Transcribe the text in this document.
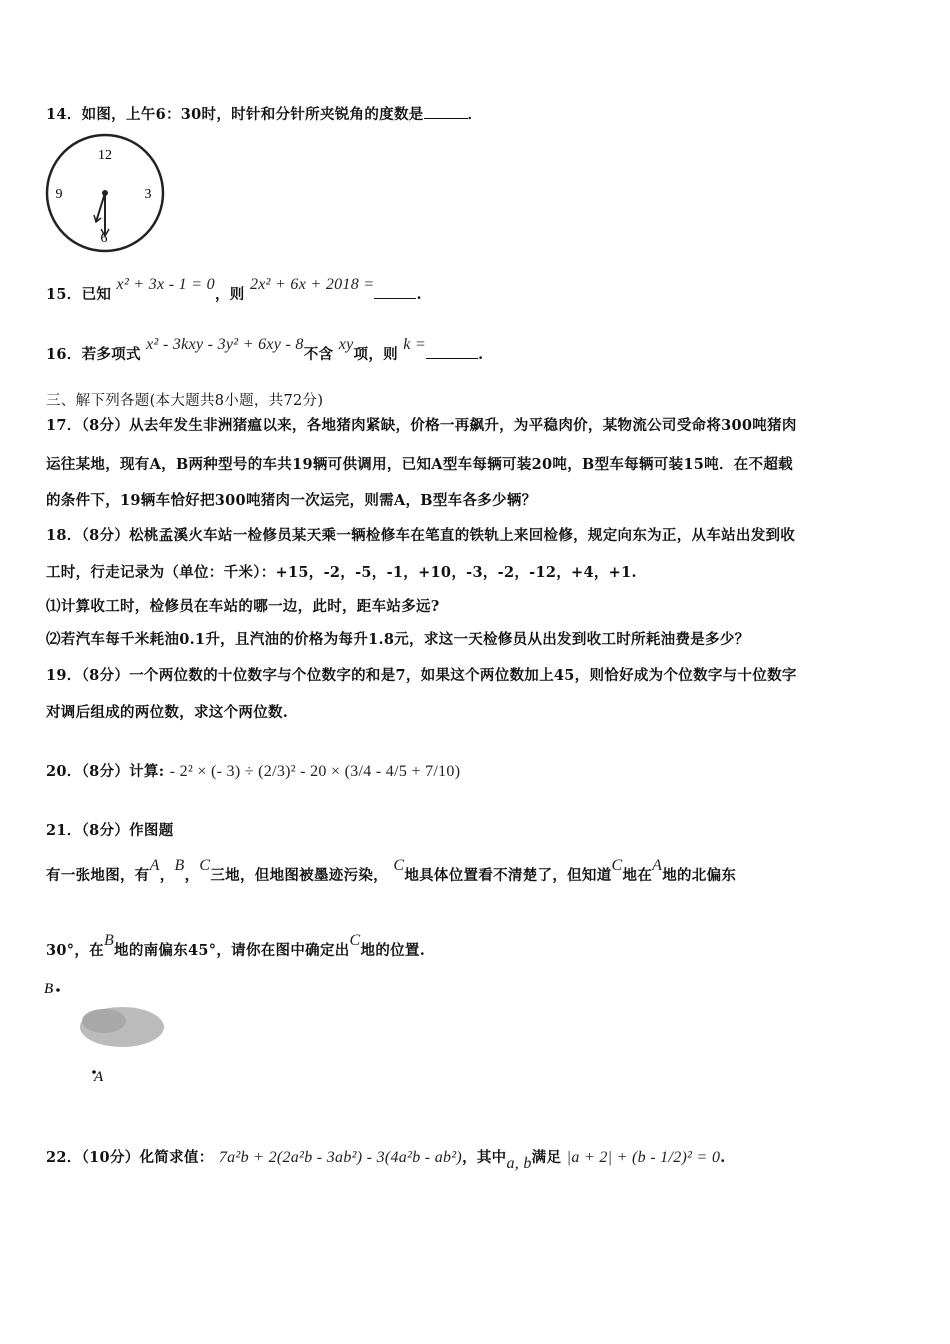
14．如图，上午6：30时，时针和分针所夹锐角的度数是	．
12
3
6
9
15．已知 x² + 3x - 1 = 0，则 2x² + 6x + 2018 =.
16．若多项式 x² - 3kxy - 3y² + 6xy - 8不含 xy项，则 k =.
三、解下列各题(本大题共8小题，共72分)
17．（8分）从去年发生非洲猪瘟以来，各地猪肉紧缺，价格一再飙升，为平稳肉价，某物流公司受命将300吨猪肉
运往某地，现有A，B两种型号的车共19辆可供调用，已知A型车每辆可装20吨，B型车每辆可装15吨．在不超载
的条件下，19辆车恰好把300吨猪肉一次运完，则需A，B型车各多少辆？
18．（8分）松桃孟溪火车站一检修员某天乘一辆检修车在笔直的铁轨上来回检修，规定向东为正，从车站出发到收
工时，行走记录为（单位：千米）：+15，-2，-5，-1，+10，-3，-2，-12，+4，+1.
⑴计算收工时，检修员在车站的哪一边，此时，距车站多远?
⑵若汽车每千米耗油0.1升，且汽油的价格为每升1.8元，求这一天检修员从出发到收工时所耗油费是多少？
19．（8分）一个两位数的十位数字与个位数字的和是7，如果这个两位数加上45，则恰好成为个位数字与十位数字
对调后组成的两位数，求这个两位数.
20．（8分）计算: - 2² × (- 3) ÷ (2/3)² - 20 × (3/4 - 4/5 + 7/10)
21．（8分）作图题
有一张地图，有A，B，C三地，但地图被墨迹污染， C地具体位置看不清楚了，但知道C地在A地的北偏东
30°，在B地的南偏东45°，请你在图中确定出C地的位置.
B
A
22．（10分）化简求值： 7a²b + 2(2a²b - 3ab²) - 3(4a²b - ab²)，其中a, b满足 |a + 2| + (b - 1/2)² = 0.
